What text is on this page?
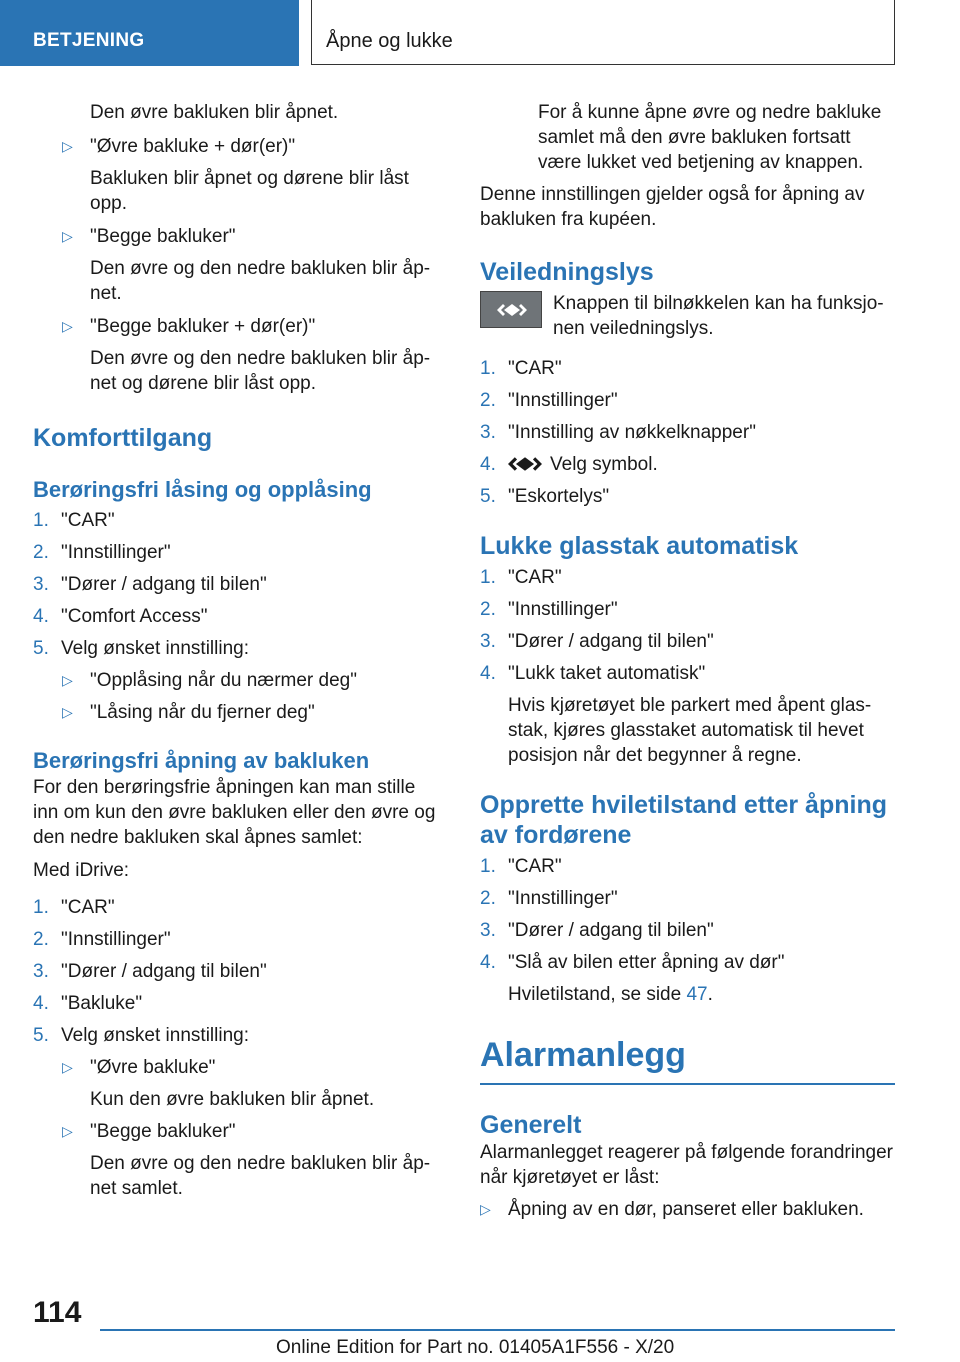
BETJENING	Åpne og lukke

Den øvre bakluken blir åpnet.

▷ "Øvre bakluke + dør(er)"

Bakluken blir åpnet og dørene blir låst opp.

▷ "Begge bakluker"

Den øvre og den nedre bakluken blir åp-net.

▷ "Begge bakluker + dør(er)"

Den øvre og den nedre bakluken blir åp-net og dørene blir låst opp.

Komforttilgang
Berøringsfri låsing og opplåsing
1. "CAR"
2. "Innstillinger"
3. "Dører / adgang til bilen"
4. "Comfort Access"
5. Velg ønsket innstilling:
▷ "Opplåsing når du nærmer deg"
▷ "Låsing når du fjerner deg"
Berøringsfri åpning av bakluken

For den berøringsfrie åpningen kan man stille inn om kun den øvre bakluken eller den øvre og den nedre bakluken skal åpnes samlet:

Med iDrive:

1. "CAR"
2. "Innstillinger"
3. "Dører / adgang til bilen"
4. "Bakluke"
5. Velg ønsket innstilling:
▷ "Øvre bakluke"

Kun den øvre bakluken blir åpnet.

▷ "Begge bakluker"

Den øvre og den nedre bakluken blir åp-net samlet.

For å kunne åpne øvre og nedre bakluke samlet må den øvre bakluken fortsatt være lukket ved betjening av knappen.

Denne innstillingen gjelder også for åpning av bakluken fra kupéen.

Veiledningslys

Knappen til bilnøkkelen kan ha funksjo-nen veiledningslys.

1. "CAR"
2. "Innstillinger"
3. "Innstilling av nøkkelknapper"
4.	Velg symbol.
5. "Eskortelys"
Lukke glasstak automatisk
1. "CAR"
2. "Innstillinger"
3. "Dører / adgang til bilen"
4. "Lukk taket automatisk"

Hvis kjøretøyet ble parkert med åpent glas-stak, kjøres glasstaket automatisk til hevet posisjon når det begynner å regne.

Opprette hviletilstand etter åpning av fordørene
1. "CAR"
2. "Innstillinger"
3. "Dører / adgang til bilen"
4. "Slå av bilen etter åpning av dør"

Hviletilstand, se side 47.

Alarmanlegg
Generelt

Alarmanlegget reagerer på følgende forandringer når kjøretøyet er låst:

▷ Åpning av en dør, panseret eller bakluken.
114
Online Edition for Part no. 01405A1F556 - X/20
